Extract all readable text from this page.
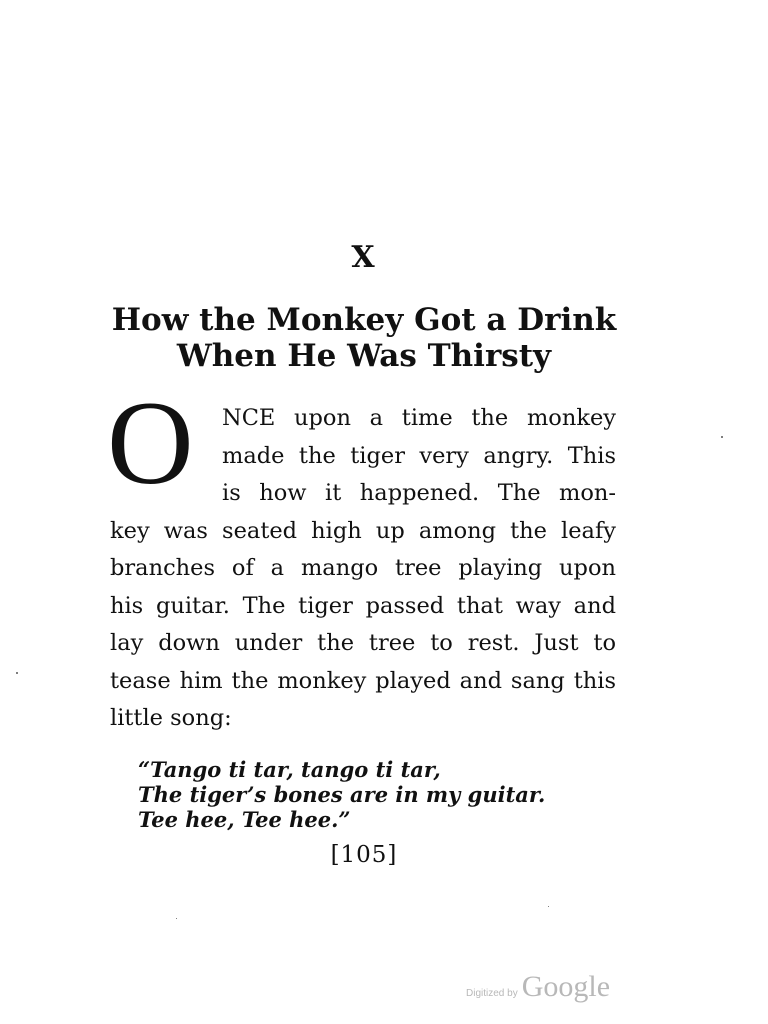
X
How the Monkey Got a Drink
When He Was Thirsty
O NCE upon a time the monkey
made the tiger very angry. This
is how it happened. The mon-
key was seated high up among the leafy
branches of a mango tree playing upon
his guitar. The tiger passed that way and
lay down under the tree to rest. Just to
tease him the monkey played and sang this
little song:
“Tango ti tar, tango ti tar,
The tiger’s bones are in my guitar.
Tee hee, Tee hee.”
[105]
Digitized by Google
